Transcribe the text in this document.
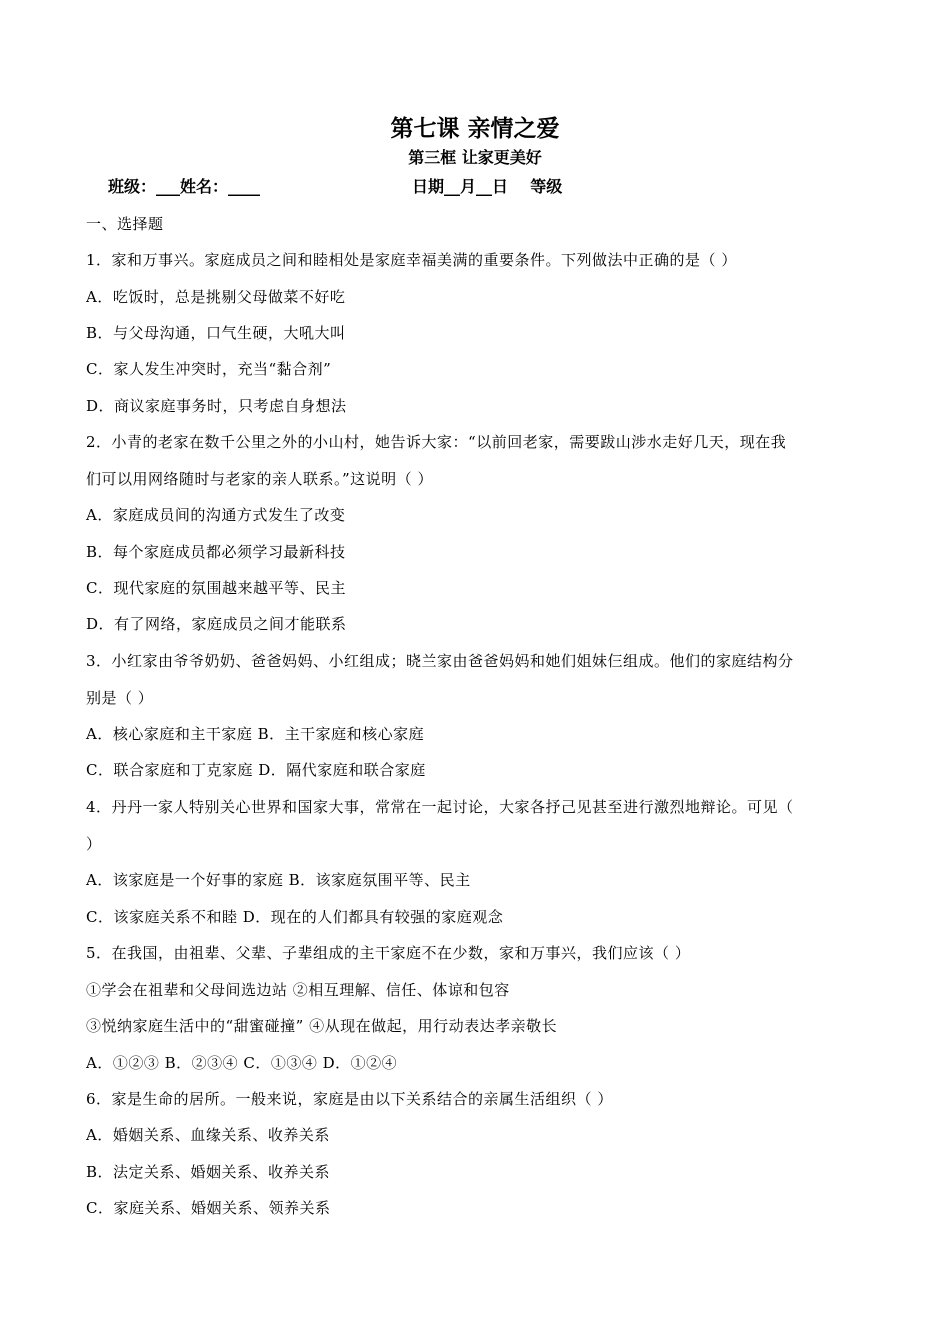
第七课 亲情之爱
第三框 让家更美好
班级：___姓名：____	日期__月__日    等级
一、选择题
1．家和万事兴。家庭成员之间和睦相处是家庭幸福美满的重要条件。下列做法中正确的是（ ）
A．吃饭时，总是挑剔父母做菜不好吃
B．与父母沟通，口气生硬，大吼大叫
C．家人发生冲突时，充当“黏合剂”
D．商议家庭事务时，只考虑自身想法
2．小青的老家在数千公里之外的小山村，她告诉大家：“以前回老家，需要跋山涉水走好几天，现在我
们可以用网络随时与老家的亲人联系。”这说明（ ）
A．家庭成员间的沟通方式发生了改变
B．每个家庭成员都必须学习最新科技
C．现代家庭的氛围越来越平等、民主
D．有了网络，家庭成员之间才能联系
3．小红家由爷爷奶奶、爸爸妈妈、小红组成；晓兰家由爸爸妈妈和她们姐妹仨组成。他们的家庭结构分
别是（ ）
A．核心家庭和主干家庭 B．主干家庭和核心家庭
C．联合家庭和丁克家庭 D．隔代家庭和联合家庭
4．丹丹一家人特别关心世界和国家大事，常常在一起讨论，大家各抒己见甚至进行激烈地辩论。可见（
）
A．该家庭是一个好事的家庭 B．该家庭氛围平等、民主
C．该家庭关系不和睦 D．现在的人们都具有较强的家庭观念
5．在我国，由祖辈、父辈、子辈组成的主干家庭不在少数，家和万事兴，我们应该（ ）
①学会在祖辈和父母间选边站 ②相互理解、信任、体谅和包容
③悦纳家庭生活中的“甜蜜碰撞” ④从现在做起，用行动表达孝亲敬长
A．①②③ B．②③④ C．①③④ D．①②④
6．家是生命的居所。一般来说，家庭是由以下关系结合的亲属生活组织（ ）
A．婚姻关系、血缘关系、收养关系
B．法定关系、婚姻关系、收养关系
C．家庭关系、婚姻关系、领养关系
